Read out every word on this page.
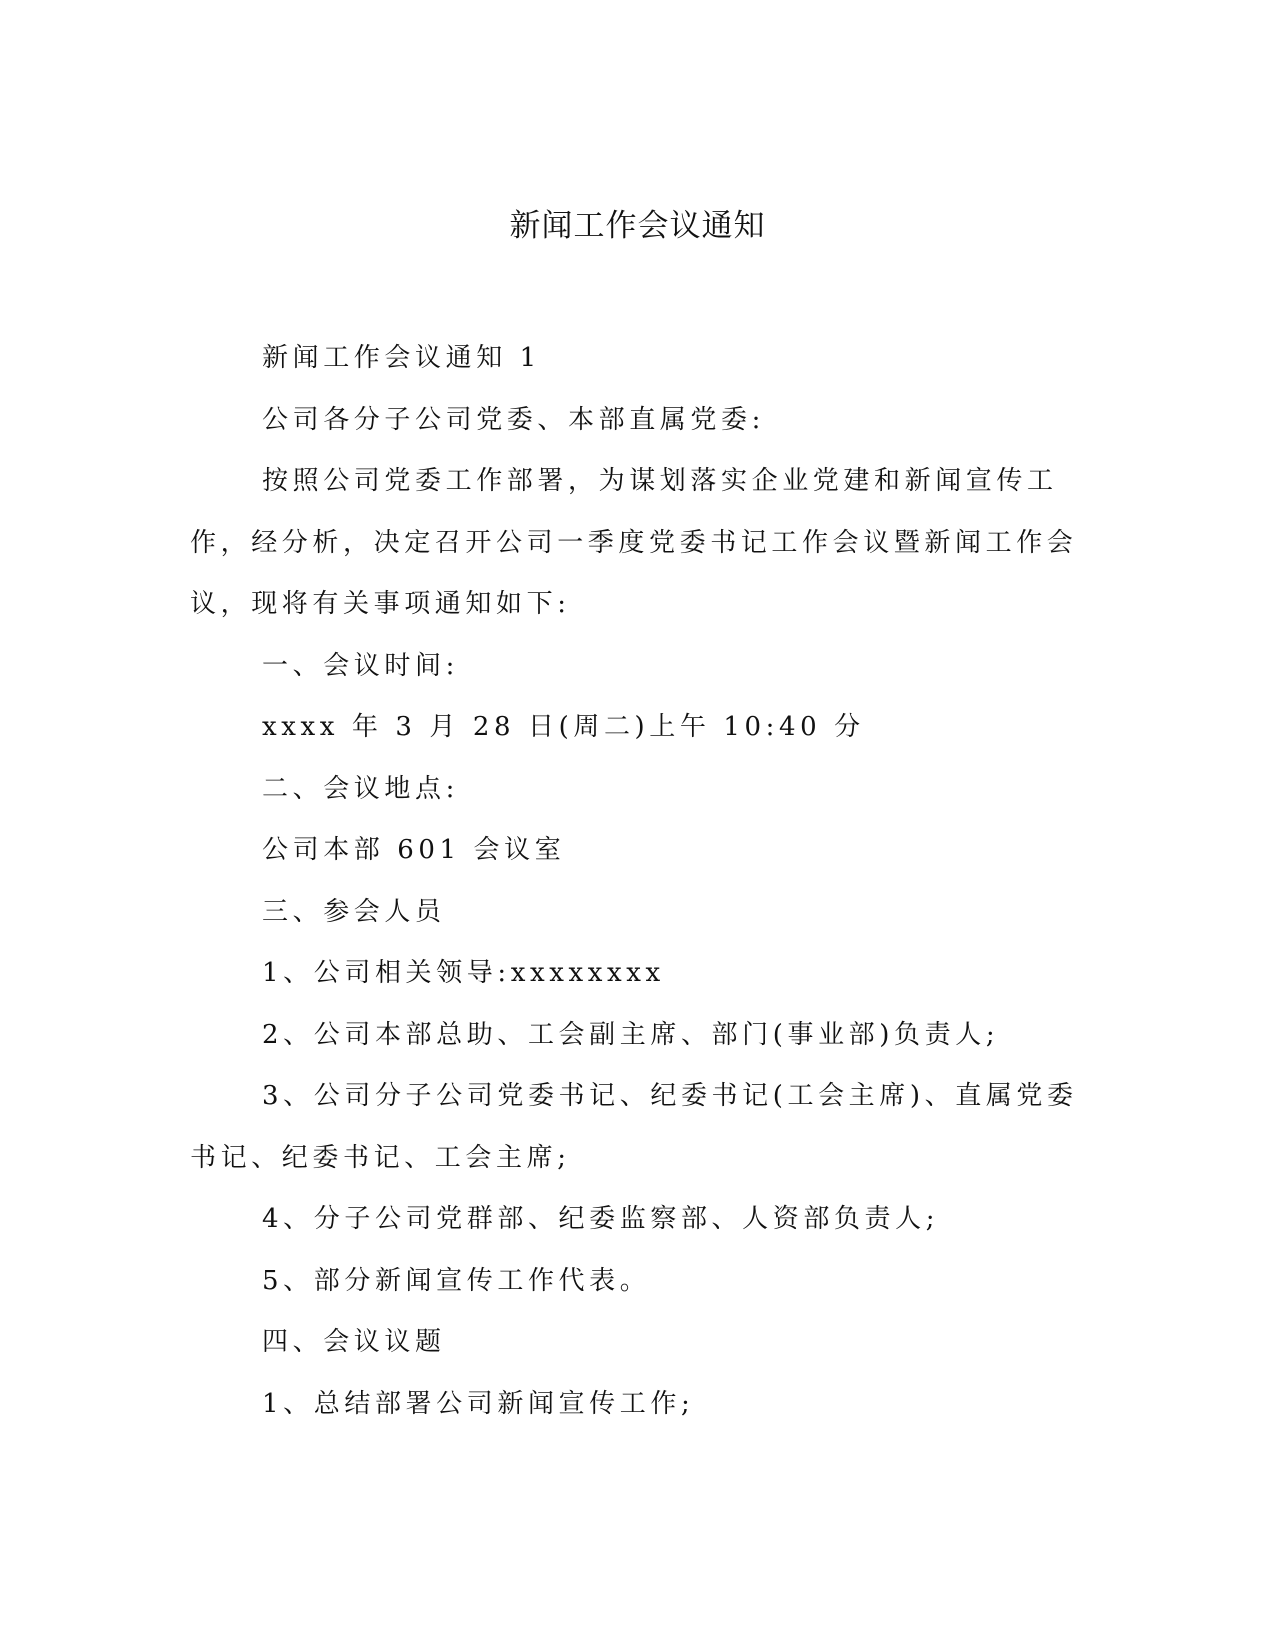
新闻工作会议通知

新闻工作会议通知 1

公司各分子公司党委、本部直属党委:

按照公司党委工作部署，为谋划落实企业党建和新闻宣传工作，经分析，决定召开公司一季度党委书记工作会议暨新闻工作会议，现将有关事项通知如下:

一、会议时间:

xxxx 年 3 月 28 日(周二)上午 10:40 分

二、会议地点:

公司本部 601 会议室

三、参会人员

1、公司相关领导:xxxxxxxx

2、公司本部总助、工会副主席、部门(事业部)负责人;

3、公司分子公司党委书记、纪委书记(工会主席)、直属党委书记、纪委书记、工会主席;

4、分子公司党群部、纪委监察部、人资部负责人;

5、部分新闻宣传工作代表。

四、会议议题

1、总结部署公司新闻宣传工作;
